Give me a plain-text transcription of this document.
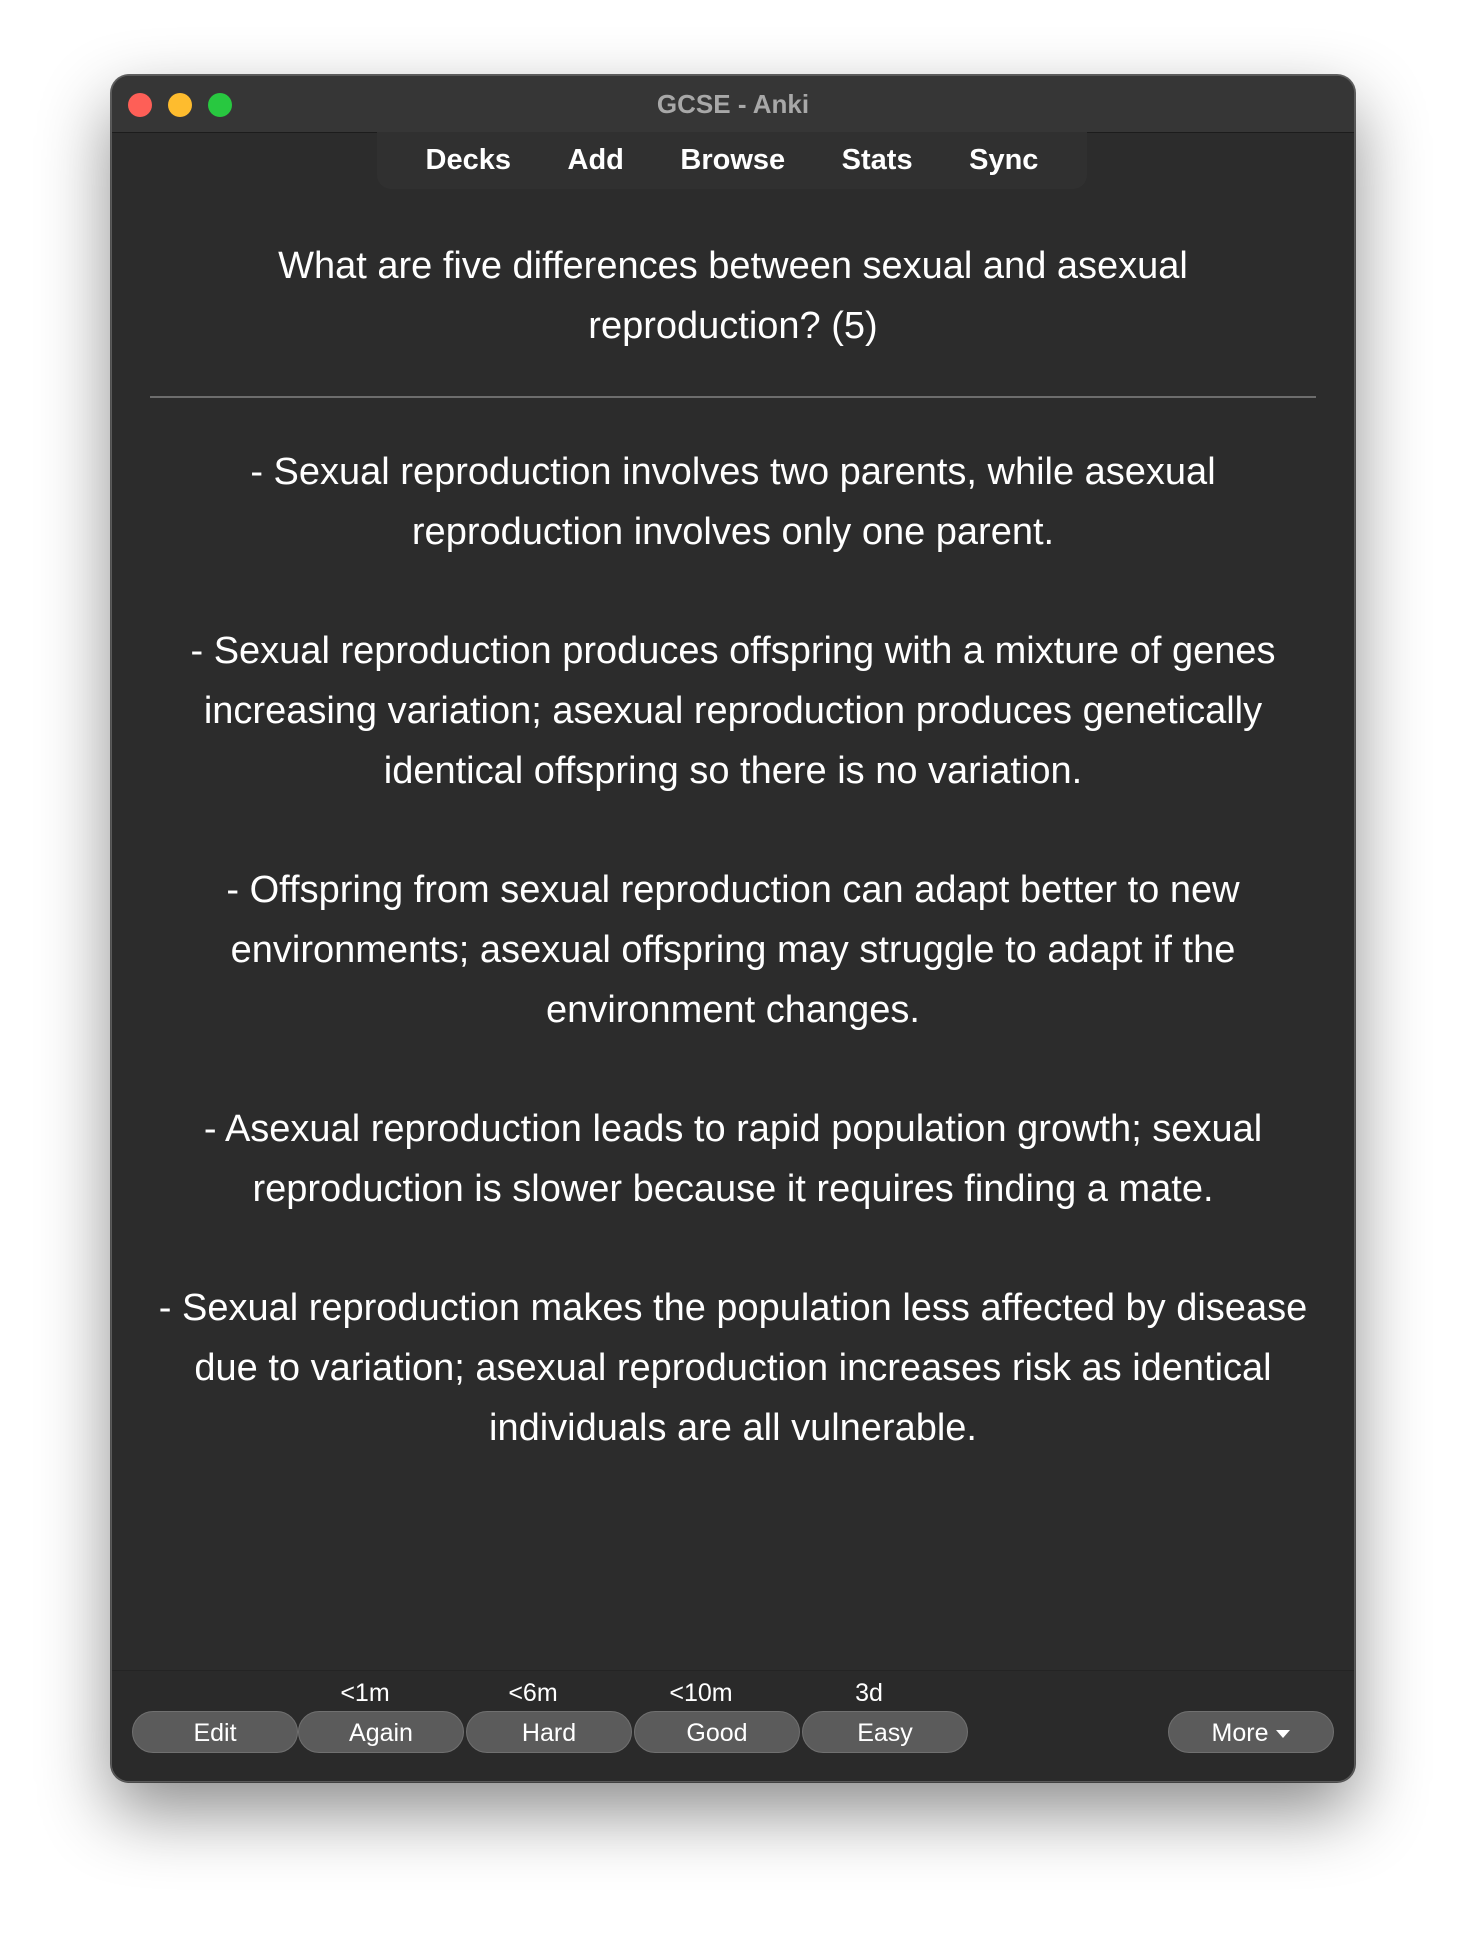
GCSE - Anki
Decks Add Browse Stats Sync
What are five differences between sexual and asexual reproduction? (5)

- Sexual reproduction involves two parents, while asexual reproduction involves only one parent.

- Sexual reproduction produces offspring with a mixture of genes increasing variation; asexual reproduction produces genetically identical offspring so there is no variation.

- Offspring from sexual reproduction can adapt better to new environments; asexual offspring may struggle to adapt if the environment changes.

- Asexual reproduction leads to rapid population growth; sexual reproduction is slower because it requires finding a mate.

- Sexual reproduction makes the population less affected by disease due to variation; asexual reproduction increases risk as identical individuals are all vulnerable.

Edit
<1m
Again
<6m
Hard
<10m
Good
3d
Easy	More
